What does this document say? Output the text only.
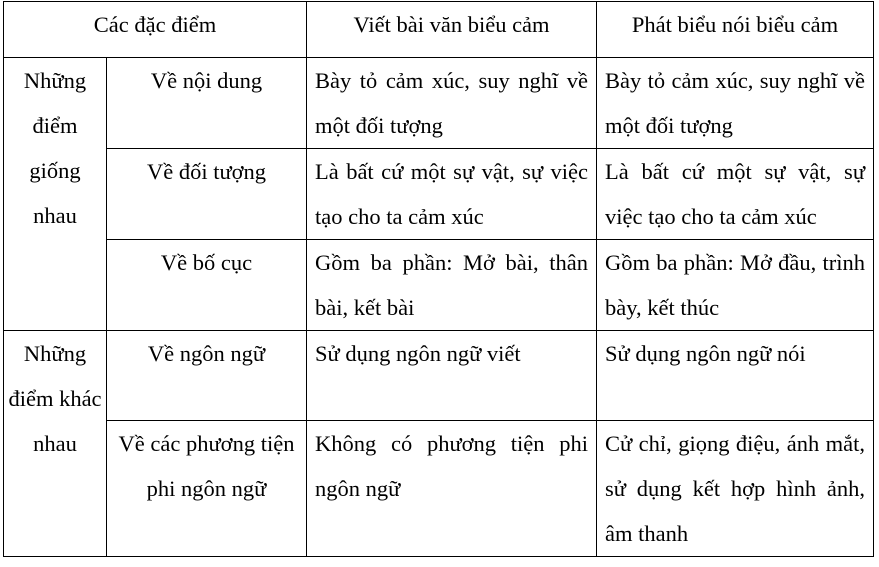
Các đặc điểm		Viết bài văn biểu cảm	Phát biểu nói biểu cảm
Những điểm giống nhau	Về nội dung	Bày tỏ cảm xúc, suy nghĩ về một đối tượng	Bày tỏ cảm xúc, suy nghĩ về một đối tượng
	Về đối tượng	Là bất cứ một sự vật, sự việc tạo cho ta cảm xúc	Là bất cứ một sự vật, sự việc tạo cho ta cảm xúc
	Về bố cục	Gồm ba phần: Mở bài, thân bài, kết bài	Gồm ba phần: Mở đầu, trình bày, kết thúc
Những điểm khác nhau	Về ngôn ngữ	Sử dụng ngôn ngữ viết	Sử dụng ngôn ngữ nói
	Về các phương tiện phi ngôn ngữ	Không có phương tiện phi ngôn ngữ	Cử chỉ, giọng điệu, ánh mắt, sử dụng kết hợp hình ảnh, âm thanh
